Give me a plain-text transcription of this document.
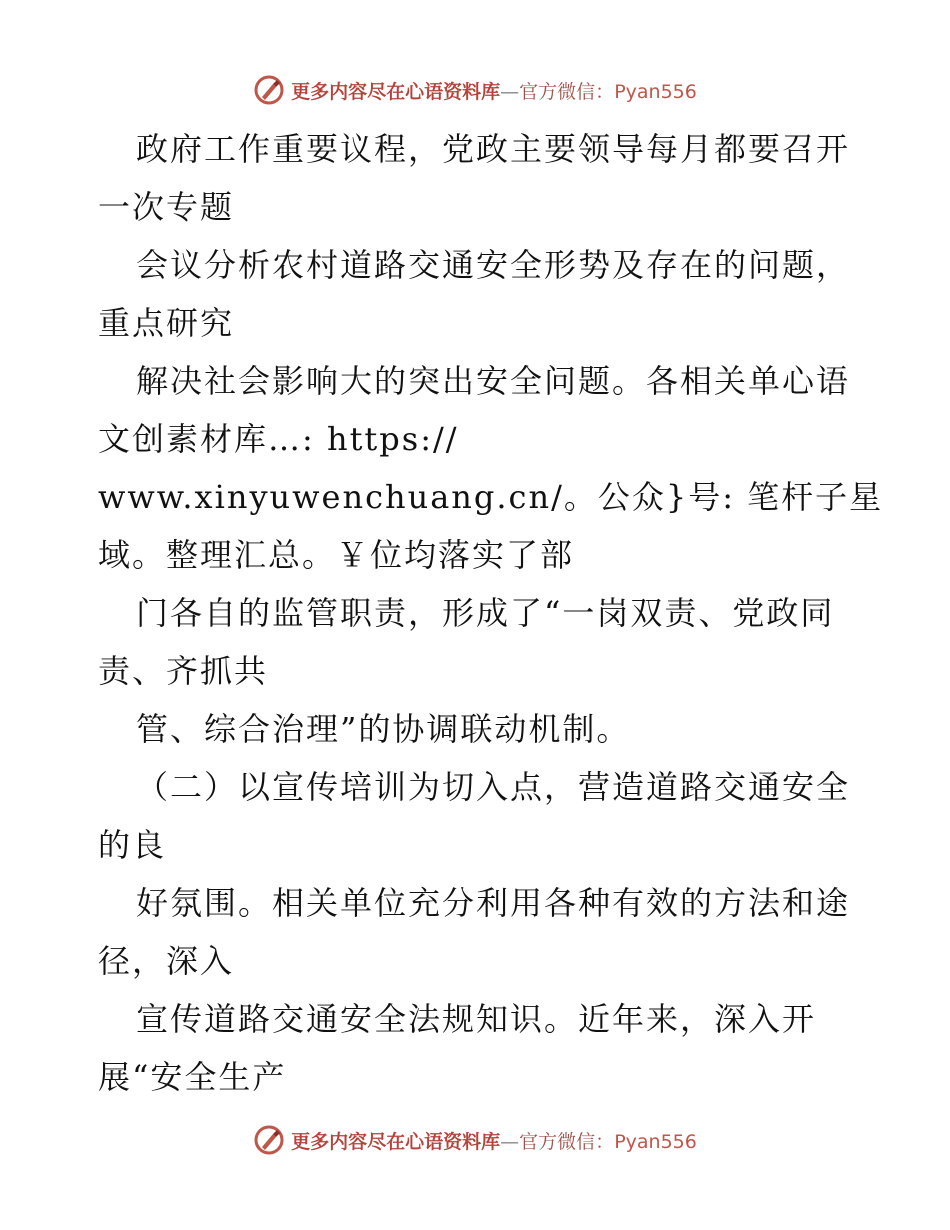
更多内容尽在心语资料库—官方微信：Pyan556
政府工作重要议程，党政主要领导每月都要召开
一次专题
会议分析农村道路交通安全形势及存在的问题，
重点研究
解决社会影响大的突出安全问题。各相关单心语
文创素材库…: https://
www.xinyuwenchuang.cn/。公众}号: 笔杆子星
域。整理汇总。￥位均落实了部
门各自的监管职责，形成了“一岗双责、党政同
责、齐抓共
管、综合治理”的协调联动机制。
（二）以宣传培训为切入点，营造道路交通安全
的良
好氛围。相关单位充分利用各种有效的方法和途
径，深入
宣传道路交通安全法规知识。近年来，深入开
展“安全生产
更多内容尽在心语资料库—官方微信：Pyan556
